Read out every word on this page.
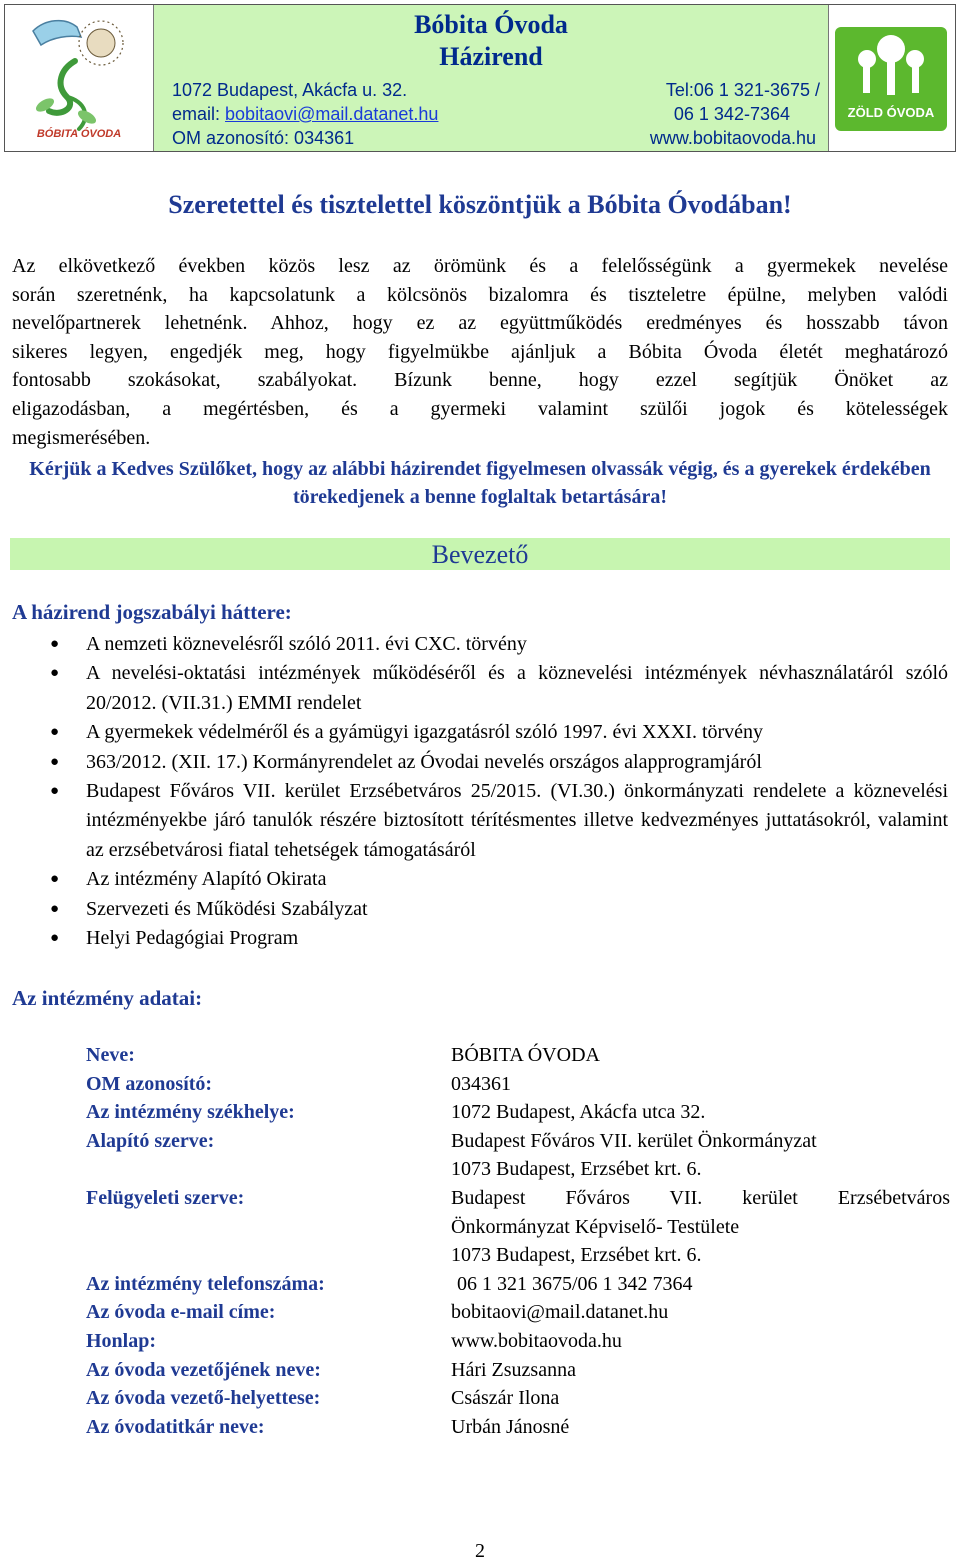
BÓBITA ÓVODA
Bóbita Óvoda
Házirend
1072 Budapest, Akácfa u. 32.	Tel:06 1 321-3675 /
email: bobitaovi@mail.datanet.hu	06 1 342-7364
OM azonosító: 034361	www.bobitaovoda.hu
ZÖLD ÓVODA
Szeretettel és tisztelettel köszöntjük a Bóbita Óvodában!
Az elkövetkező években közös lesz az örömünk és a felelősségünk a gyermekek nevelése
során szeretnénk, ha kapcsolatunk a kölcsönös bizalomra és tiszteletre épülne, melyben valódi
nevelőpartnerek lehetnénk. Ahhoz, hogy ez az együttműködés eredményes és hosszabb távon
sikeres legyen, engedjék meg, hogy figyelmükbe ajánljuk a Bóbita Óvoda életét meghatározó
fontosabb szokásokat, szabályokat. Bízunk benne, hogy ezzel segítjük Önöket az
eligazodásban, a megértésben, és a gyermeki valamint szülői jogok és kötelességek
megismerésében.
Kérjük a Kedves Szülőket, hogy az alábbi házirendet figyelmesen olvassák végig, és a gyerekek érdekében törekedjenek a benne foglaltak betartására!
Bevezető
A házirend jogszabályi háttere:
● A nemzeti köznevelésről szóló 2011. évi CXC. törvény
● A nevelési-oktatási intézmények működéséről és a köznevelési intézmények névhasználatáról szóló 20/2012. (VII.31.) EMMI rendelet
● A gyermekek védelméről és a gyámügyi igazgatásról szóló 1997. évi XXXI. törvény
● 363/2012. (XII. 17.) Kormányrendelet az Óvodai nevelés országos alapprogramjáról
● Budapest Főváros VII. kerület Erzsébetváros 25/2015. (VI.30.) önkormányzati rendelete a köznevelési intézményekbe járó tanulók részére biztosított térítésmentes illetve kedvezményes juttatásokról, valamint az erzsébetvárosi fiatal tehetségek támogatásáról
● Az intézmény Alapító Okirata
● Szervezeti és Működési Szabályzat
● Helyi Pedagógiai Program
Az intézmény adatai:
Neve:	BÓBITA ÓVODA
OM azonosító:	034361
Az intézmény székhelye:	1072 Budapest, Akácfa utca 32.
Alapító szerve:	Budapest Főváros VII. kerület Önkormányzat
1073 Budapest, Erzsébet krt. 6.
Felügyeleti szerve:	Budapest Főváros VII. kerület Erzsébetváros
Önkormányzat Képviselő- Testülete
1073 Budapest, Erzsébet krt. 6.
Az intézmény telefonszáma:	06 1 321 3675/06 1 342 7364
Az óvoda e-mail címe:	bobitaovi@mail.datanet.hu
Honlap:	www.bobitaovoda.hu
Az óvoda vezetőjének neve:	Hári Zsuzsanna
Az óvoda vezető-helyettese:	Császár Ilona
Az óvodatitkár neve:	Urbán Jánosné
2
